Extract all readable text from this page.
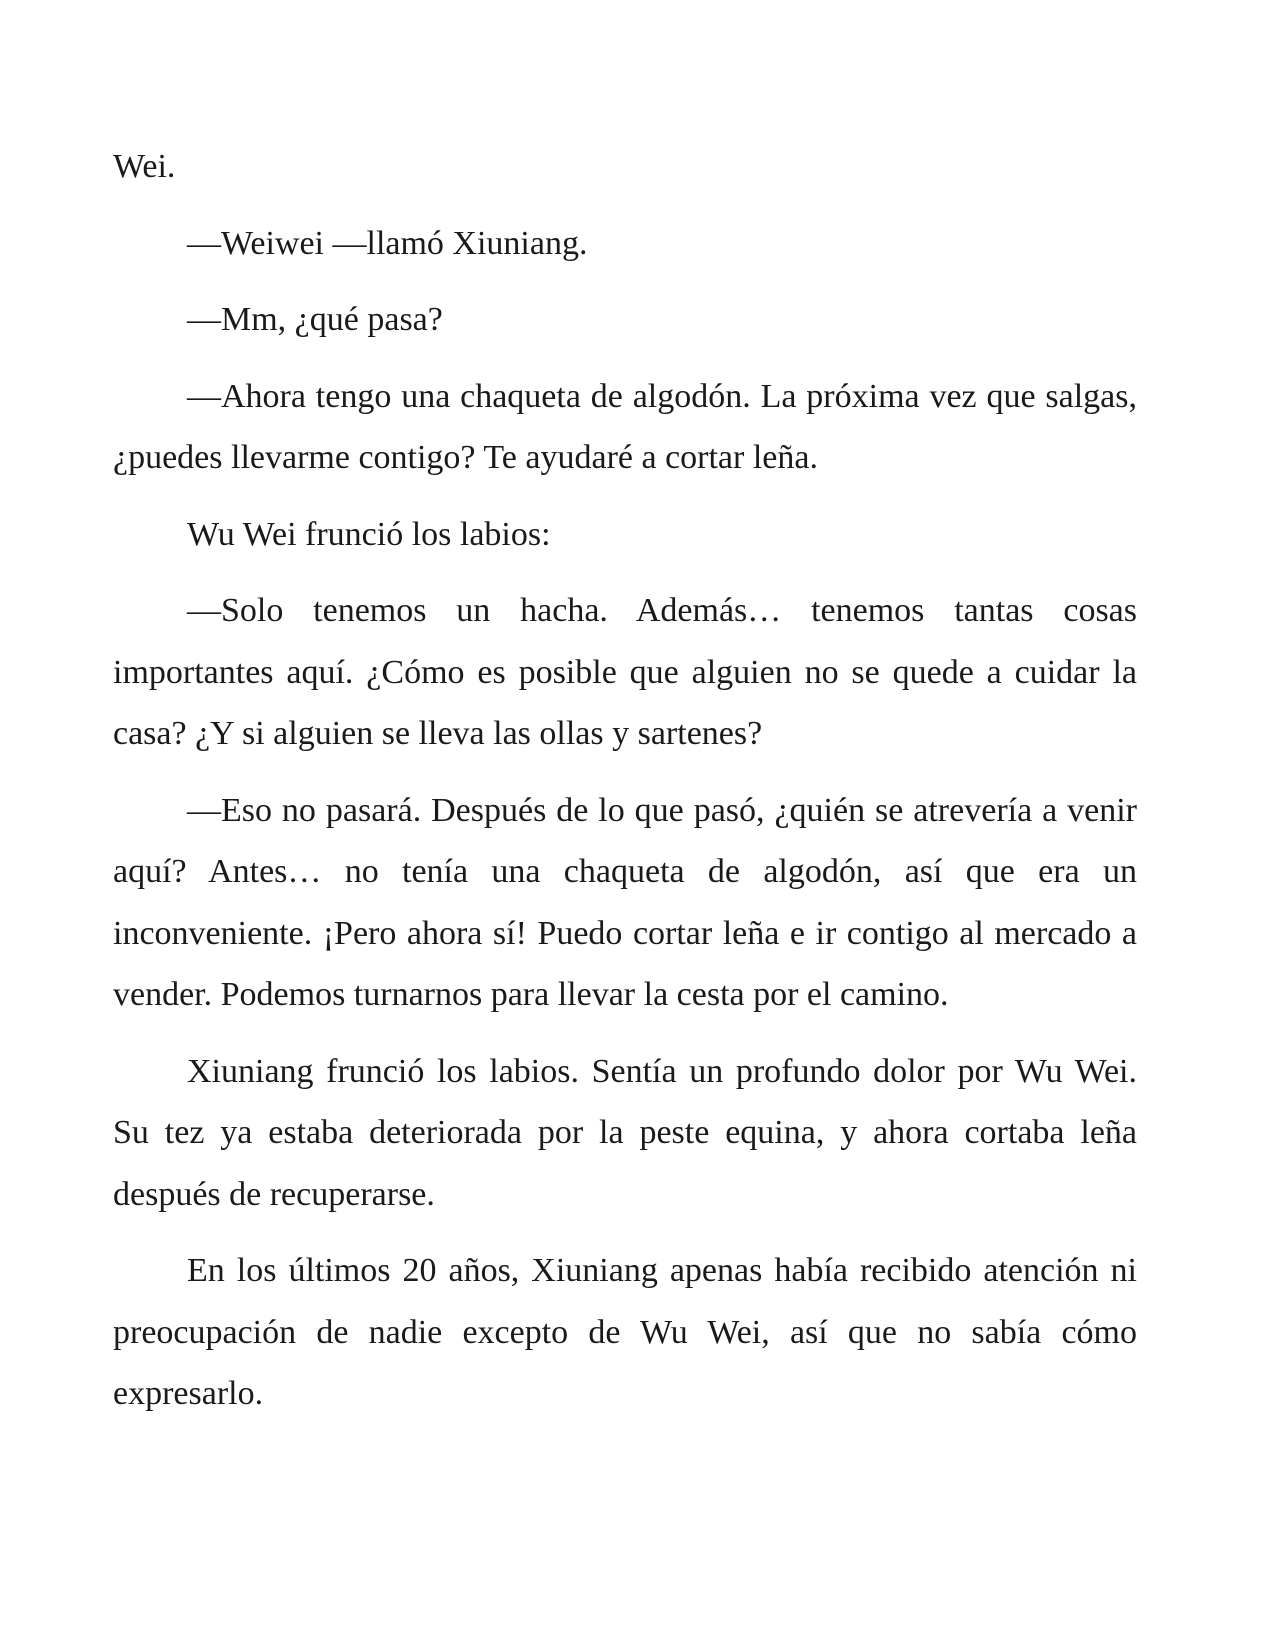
Wei.

—Weiwei —llamó Xiuniang.

—Mm, ¿qué pasa?

—Ahora tengo una chaqueta de algodón. La próxima vez que salgas, ¿puedes llevarme contigo? Te ayudaré a cortar leña.

Wu Wei frunció los labios:

—Solo tenemos un hacha. Además… tenemos tantas cosas importantes aquí. ¿Cómo es posible que alguien no se quede a cuidar la casa? ¿Y si alguien se lleva las ollas y sartenes?

—Eso no pasará. Después de lo que pasó, ¿quién se atrevería a venir aquí? Antes… no tenía una chaqueta de algodón, así que era un inconveniente. ¡Pero ahora sí! Puedo cortar leña e ir contigo al mercado a vender. Podemos turnarnos para llevar la cesta por el camino.

Xiuniang frunció los labios. Sentía un profundo dolor por Wu Wei. Su tez ya estaba deteriorada por la peste equina, y ahora cortaba leña después de recuperarse.

En los últimos 20 años, Xiuniang apenas había recibido atención ni preocupación de nadie excepto de Wu Wei, así que no sabía cómo expresarlo.
